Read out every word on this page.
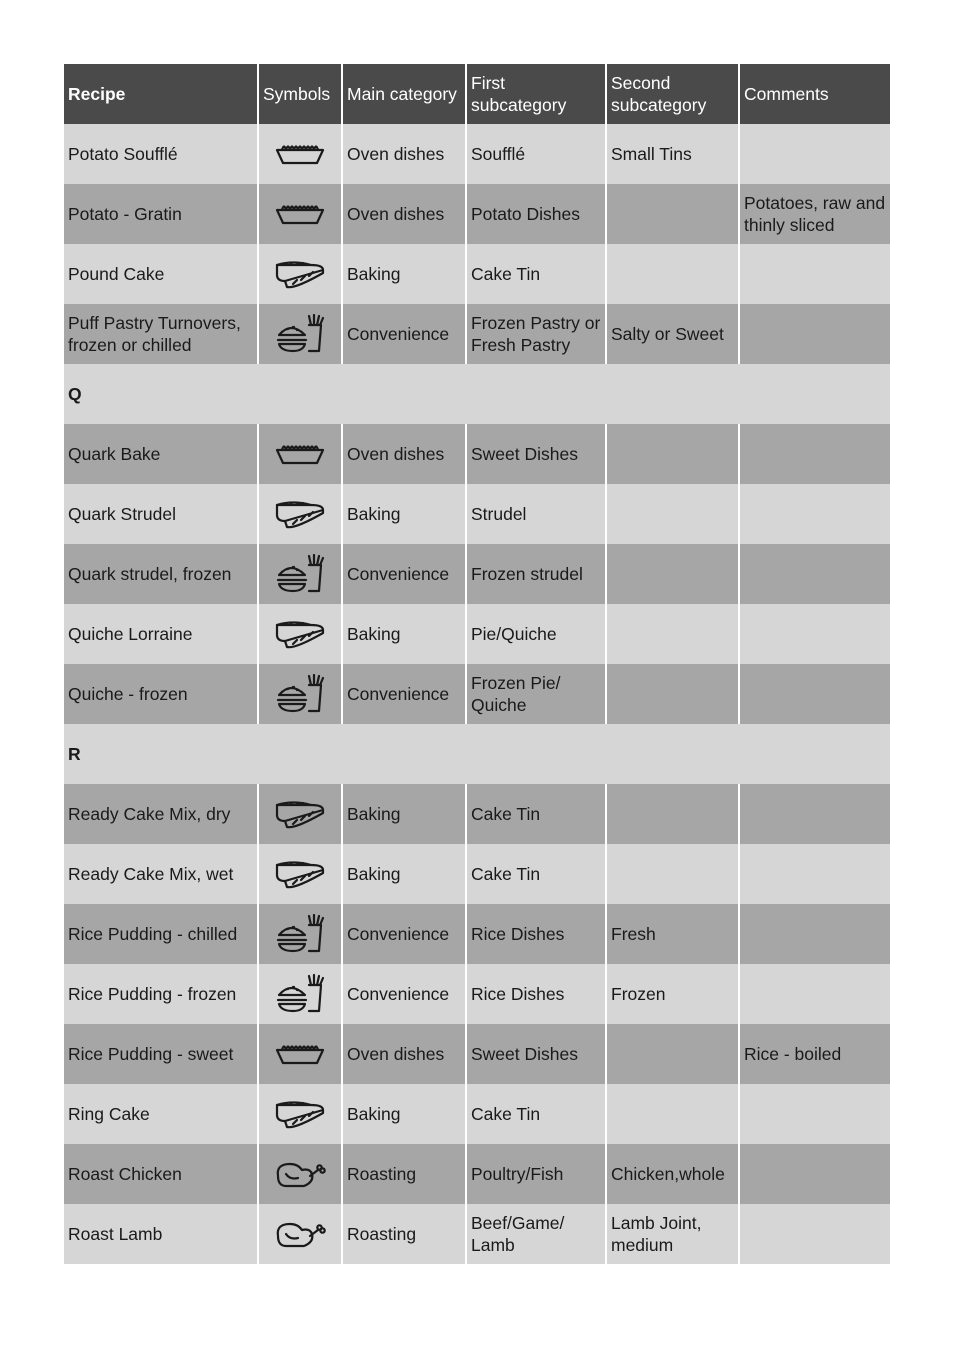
Recipe	Symbols	Main category	First subcategory	Second subcategory	Comments
Potato Soufflé		Oven dishes	Soufflé	Small Tins	
Potato - Gratin		Oven dishes	Potato Dishes		Potatoes, raw and thinly sliced
Pound Cake		Baking	Cake Tin		
Puff Pastry Turnovers, frozen or chilled		Convenience	Frozen Pastry or Fresh Pastry	Salty or Sweet	
Q					
Quark Bake		Oven dishes	Sweet Dishes		
Quark Strudel		Baking	Strudel		
Quark strudel, frozen		Convenience	Frozen strudel		
Quiche Lorraine		Baking	Pie/Quiche		
Quiche - frozen		Convenience	Frozen Pie/ Quiche		
R					
Ready Cake Mix, dry		Baking	Cake Tin		
Ready Cake Mix, wet		Baking	Cake Tin		
Rice Pudding - chilled		Convenience	Rice Dishes	Fresh	
Rice Pudding - frozen		Convenience	Rice Dishes	Frozen	
Rice Pudding - sweet		Oven dishes	Sweet Dishes		Rice - boiled
Ring Cake		Baking	Cake Tin		
Roast Chicken		Roasting	Poultry/Fish	Chicken,whole	
Roast Lamb		Roasting	Beef/Game/ Lamb	Lamb Joint, medium	
